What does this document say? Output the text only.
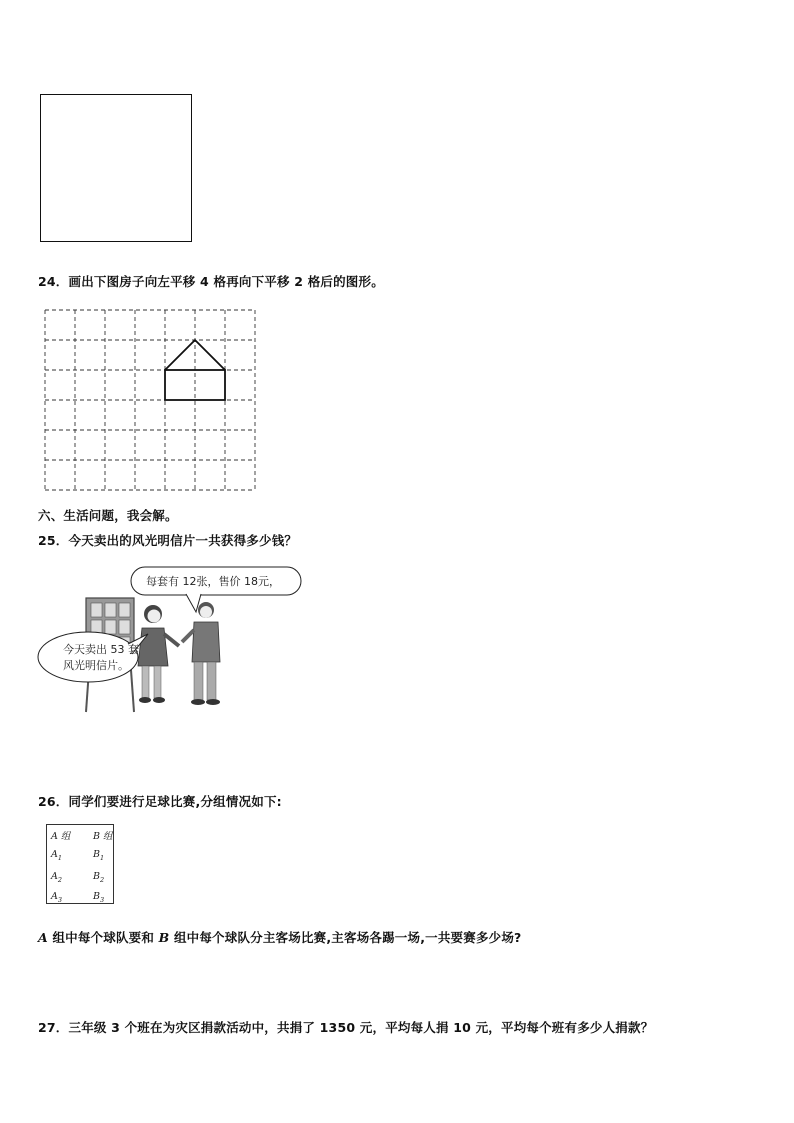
24．画出下图房子向左平移 4 格再向下平移 2 格后的图形。
六、生活问题，我会解。
25．今天卖出的风光明信片一共获得多少钱？
每套有 12张，售价 18元，
今天卖出 53 套
风光明信片。
26．同学们要进行足球比赛,分组情况如下:
A 组 B 组
$A_1$	$B_1$
$A_2$	$B_2$
$A_3$	$B_3$
A 组中每个球队要和 B 组中每个球队分主客场比赛,主客场各踢一场,一共要赛多少场?
27．三年级 3 个班在为灾区捐款活动中，共捐了 1350 元，平均每人捐 10 元，平均每个班有多少人捐款？
